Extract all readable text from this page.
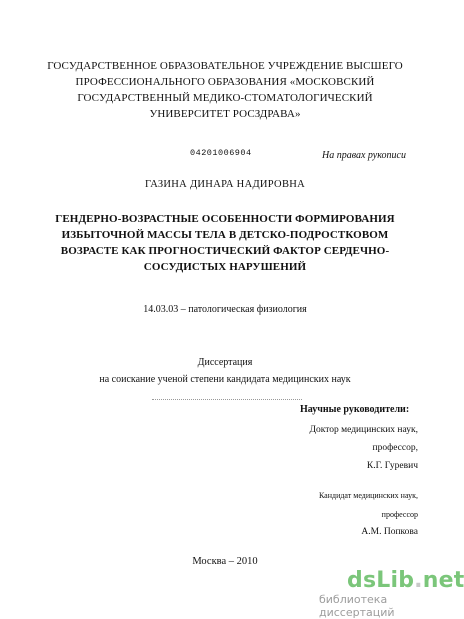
ГОСУДАРСТВЕННОЕ ОБРАЗОВАТЕЛЬНОЕ УЧРЕЖДЕНИЕ ВЫСШЕГО
ПРОФЕССИОНАЛЬНОГО ОБРАЗОВАНИЯ «МОСКОВСКИЙ
ГОСУДАРСТВЕННЫЙ МЕДИКО-СТОМАТОЛОГИЧЕСКИЙ
УНИВЕРСИТЕТ РОСЗДРАВА»
04201006904	На правах рукописи
ГАЗИНА ДИНАРА НАДИРОВНА
ГЕНДЕРНО-ВОЗРАСТНЫЕ ОСОБЕННОСТИ ФОРМИРОВАНИЯ
ИЗБЫТОЧНОЙ МАССЫ ТЕЛА В ДЕТСКО-ПОДРОСТКОВОМ
ВОЗРАСТЕ КАК ПРОГНОСТИЧЕСКИЙ ФАКТОР СЕРДЕЧНО-
СОСУДИСТЫХ НАРУШЕНИЙ
14.03.03 – патологическая физиология
Диссертация
на соискание ученой степени кандидата медицинских наук
Научные руководители:
Доктор медицинских наук,
профессор,
К.Г. Гуревич
Кандидат медицинских наук,
профессор
А.М. Попкова
Москва – 2010
dsLib.net
библиотека диссертаций
